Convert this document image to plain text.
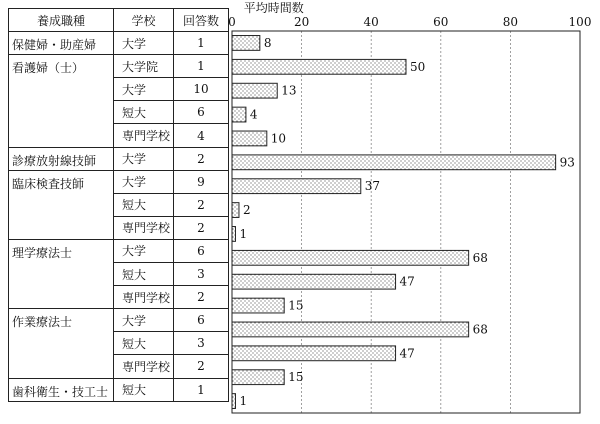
養成職種	学校	回答数
保健婦・助産婦	大学	1
看護婦（士）	大学院	1
	大学	10
	短大	6
	専門学校	4
診療放射線技師	大学	2
臨床検査技師	大学	9
	短大	2
	専門学校	2
理学療法士	大学	6
	短大	3
	専門学校	2
作業療法士	大学	6
	短大	3
	専門学校	2
歯科衛生・技工士	短大	1
平均時間数
0	20	40	60	80	100
8
50
13
4
10
93
37
2
1
68
47
15
68
47
15
1
